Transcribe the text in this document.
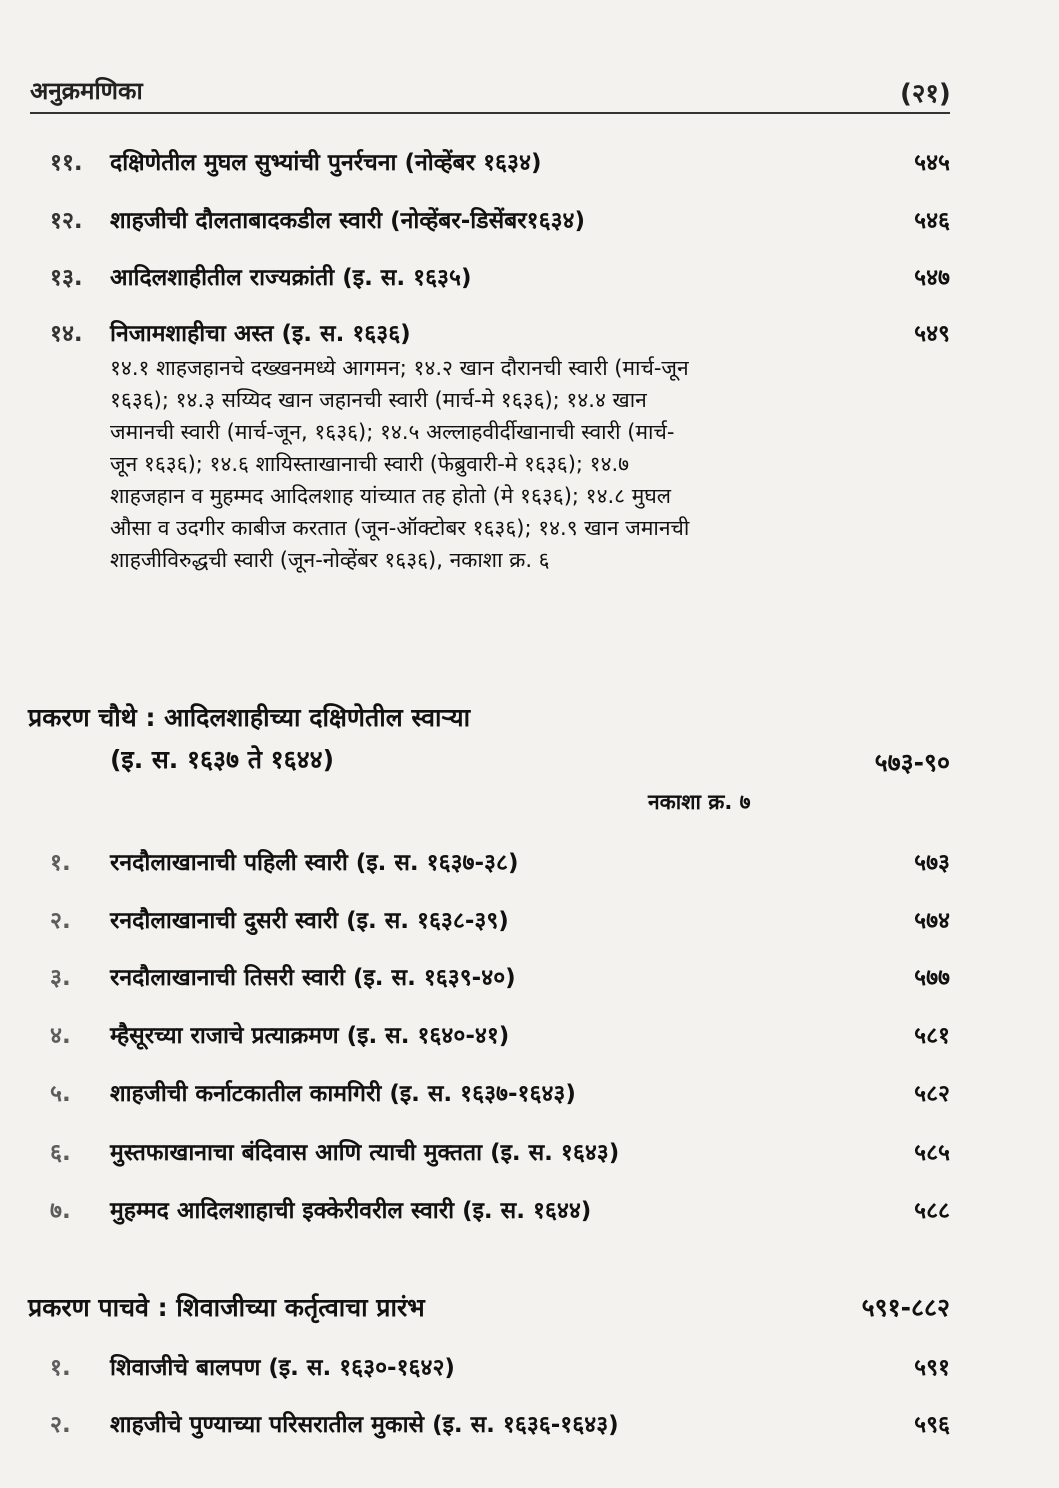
अनुक्रमणिका	(२१)
११. दक्षिणेतील मुघल सुभ्यांची पुनर्रचना (नोव्हेंबर १६३४)	५४५
१२. शाहजीची दौलताबादकडील स्वारी (नोव्हेंबर-डिसेंबर१६३४)	५४६
१३. आदिलशाहीतील राज्यक्रांती (इ. स. १६३५)	५४७
१४. निजामशाहीचा अस्त (इ. स. १६३६)	५४९
१४.१ शाहजहानचे दख्खनमध्ये आगमन; १४.२ खान दौरानची स्वारी (मार्च-जून
१६३६); १४.३ सय्यिद खान जहानची स्वारी (मार्च-मे १६३६); १४.४ खान
जमानची स्वारी (मार्च-जून, १६३६); १४.५ अल्लाहवीर्दीखानाची स्वारी (मार्च-
जून १६३६); १४.६ शायिस्ताखानाची स्वारी (फेब्रुवारी-मे १६३६); १४.७
शाहजहान व मुहम्मद आदिलशाह यांच्यात तह होतो (मे १६३६); १४.८ मुघल
औसा व उदगीर काबीज करतात (जून-ऑक्टोबर १६३६); १४.९ खान जमानची
शाहजीविरुद्धची स्वारी (जून-नोव्हेंबर १६३६), नकाशा क्र. ६
प्रकरण चौथे : आदिलशाहीच्या दक्षिणेतील स्वाऱ्या
(इ. स. १६३७ ते १६४४)	५७३-९०
नकाशा क्र. ७
१. रनदौलाखानाची पहिली स्वारी (इ. स. १६३७-३८)	५७३
२. रनदौलाखानाची दुसरी स्वारी (इ. स. १६३८-३९)	५७४
३. रनदौलाखानाची तिसरी स्वारी (इ. स. १६३९-४०)	५७७
४. म्हैसूरच्या राजाचे प्रत्याक्रमण (इ. स. १६४०-४१)	५८१
५. शाहजीची कर्नाटकातील कामगिरी (इ. स. १६३७-१६४३)	५८२
६. मुस्तफाखानाचा बंदिवास आणि त्याची मुक्तता (इ. स. १६४३)	५८५
७. मुहम्मद आदिलशाहाची इक्केरीवरील स्वारी (इ. स. १६४४)	५८८
प्रकरण पाचवे : शिवाजीच्या कर्तृत्वाचा प्रारंभ	५९१-८८२
१. शिवाजीचे बालपण (इ. स. १६३०-१६४२)	५९१
२. शाहजीचे पुण्याच्या परिसरातील मुकासे (इ. स. १६३६-१६४३)	५९६
